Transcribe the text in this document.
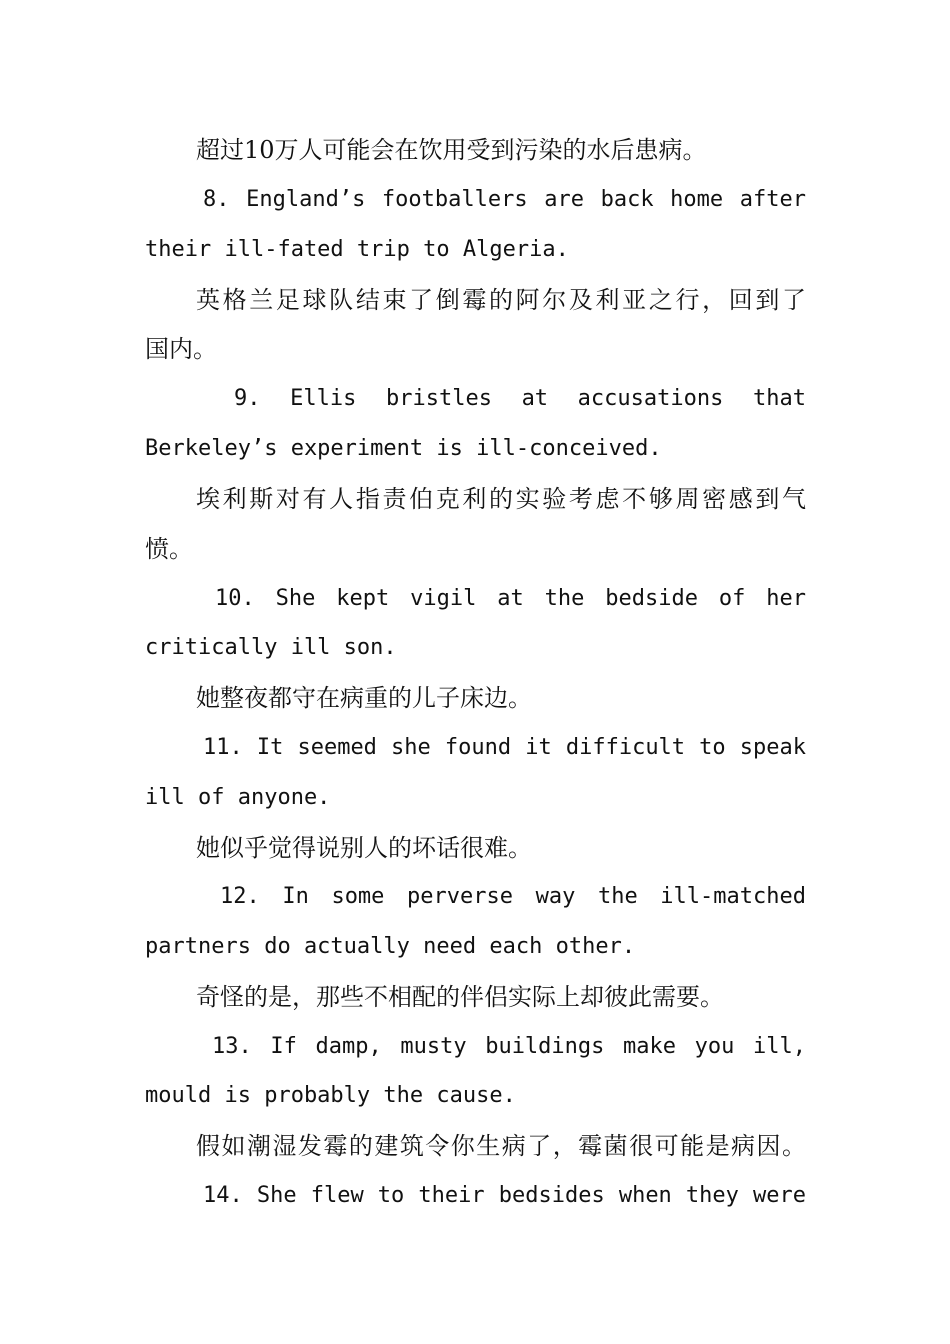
超过10万人可能会在饮用受到污染的水后患病。
8. England’s footballers are back home after
their ill-fated trip to Algeria.
英格兰足球队结束了倒霉的阿尔及利亚之行，回到了
国内。
9. Ellis bristles at accusations that
Berkeley’s experiment is ill-conceived.
埃利斯对有人指责伯克利的实验考虑不够周密感到气
愤。
10. She kept vigil at the bedside of her
critically ill son.
她整夜都守在病重的儿子床边。
11. It seemed she found it difficult to speak
ill of anyone.
她似乎觉得说别人的坏话很难。
12. In some perverse way the ill-matched
partners do actually need each other.
奇怪的是，那些不相配的伴侣实际上却彼此需要。
13. If damp, musty buildings make you ill,
mould is probably the cause.
假如潮湿发霉的建筑令你生病了，霉菌很可能是病因。
14. She flew to their bedsides when they were
